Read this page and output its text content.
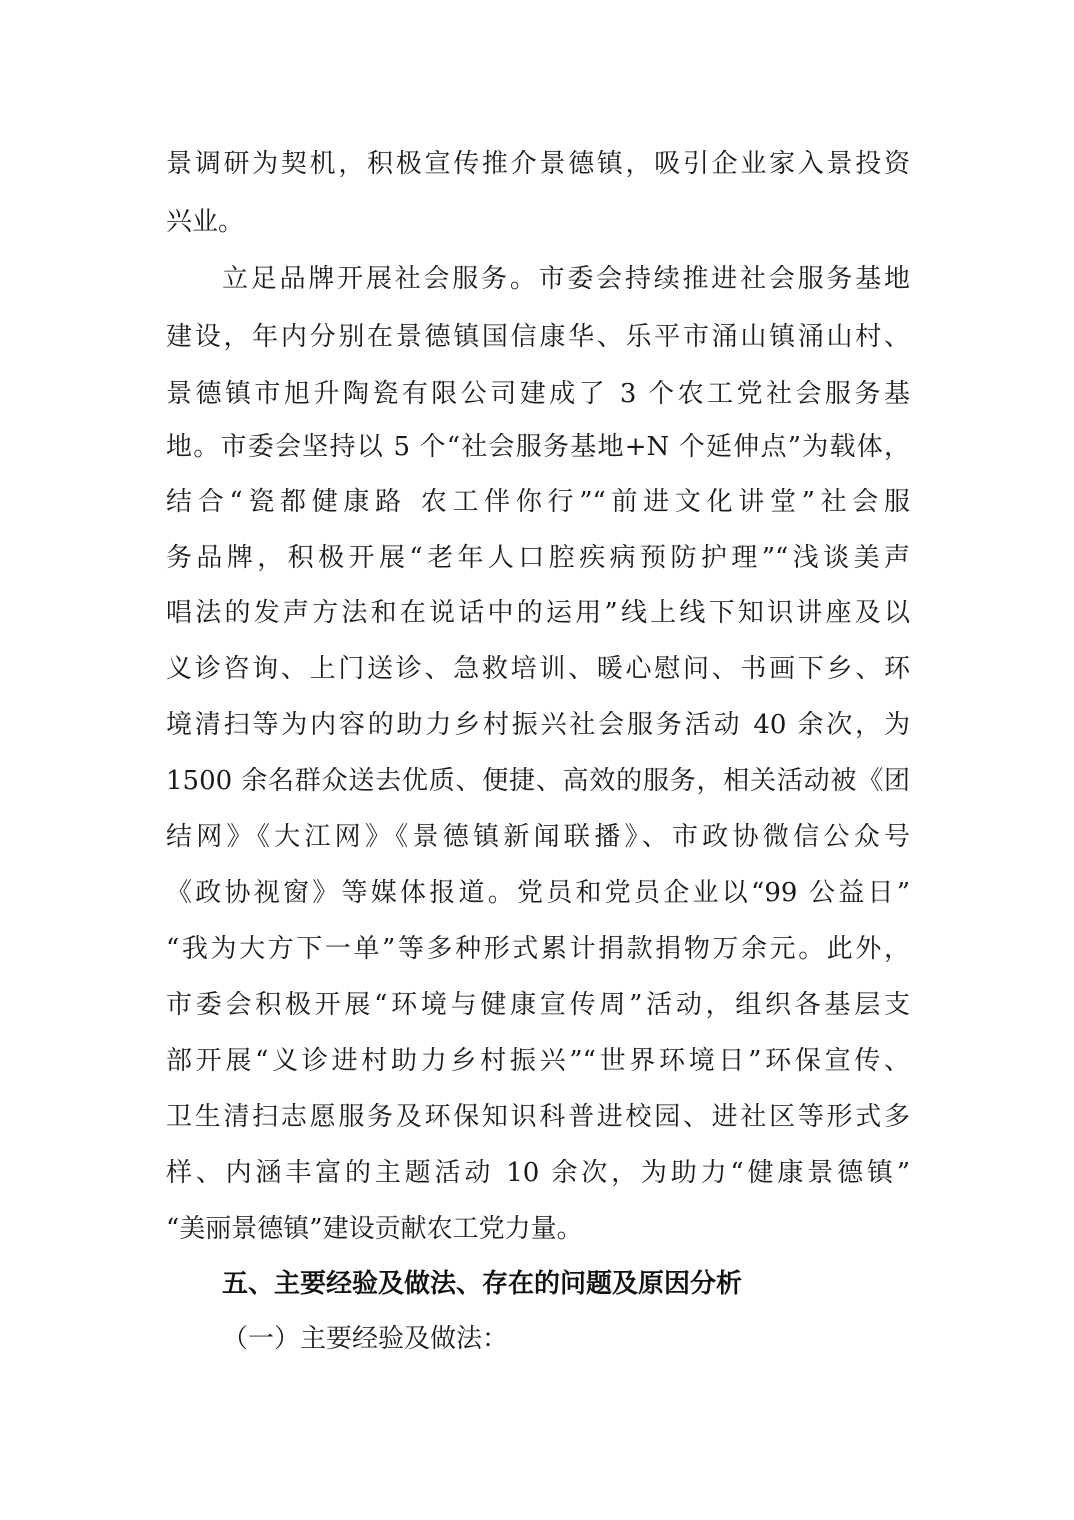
景调研为契机，积极宣传推介景德镇，吸引企业家入景投资
兴业。
立足品牌开展社会服务。市委会持续推进社会服务基地
建设，年内分别在景德镇国信康华、乐平市涌山镇涌山村、
景德镇市旭升陶瓷有限公司建成了 3 个农工党社会服务基
地。市委会坚持以 5 个“社会服务基地+N 个延伸点”为载体，
结合“瓷都健康路 农工伴你行”“前进文化讲堂”社会服
务品牌，积极开展“老年人口腔疾病预防护理”“浅谈美声
唱法的发声方法和在说话中的运用”线上线下知识讲座及以
义诊咨询、上门送诊、急救培训、暖心慰问、书画下乡、环
境清扫等为内容的助力乡村振兴社会服务活动 40 余次，为
1500 余名群众送去优质、便捷、高效的服务，相关活动被《团
结网》《大江网》《景德镇新闻联播》、市政协微信公众号
《政协视窗》等媒体报道。党员和党员企业以“99 公益日”
“我为大方下一单”等多种形式累计捐款捐物万余元。此外，
市委会积极开展“环境与健康宣传周”活动，组织各基层支
部开展“义诊进村助力乡村振兴”“世界环境日”环保宣传、
卫生清扫志愿服务及环保知识科普进校园、进社区等形式多
样、内涵丰富的主题活动 10 余次，为助力“健康景德镇”
“美丽景德镇”建设贡献农工党力量。
五、主要经验及做法、存在的问题及原因分析
（一）主要经验及做法：
